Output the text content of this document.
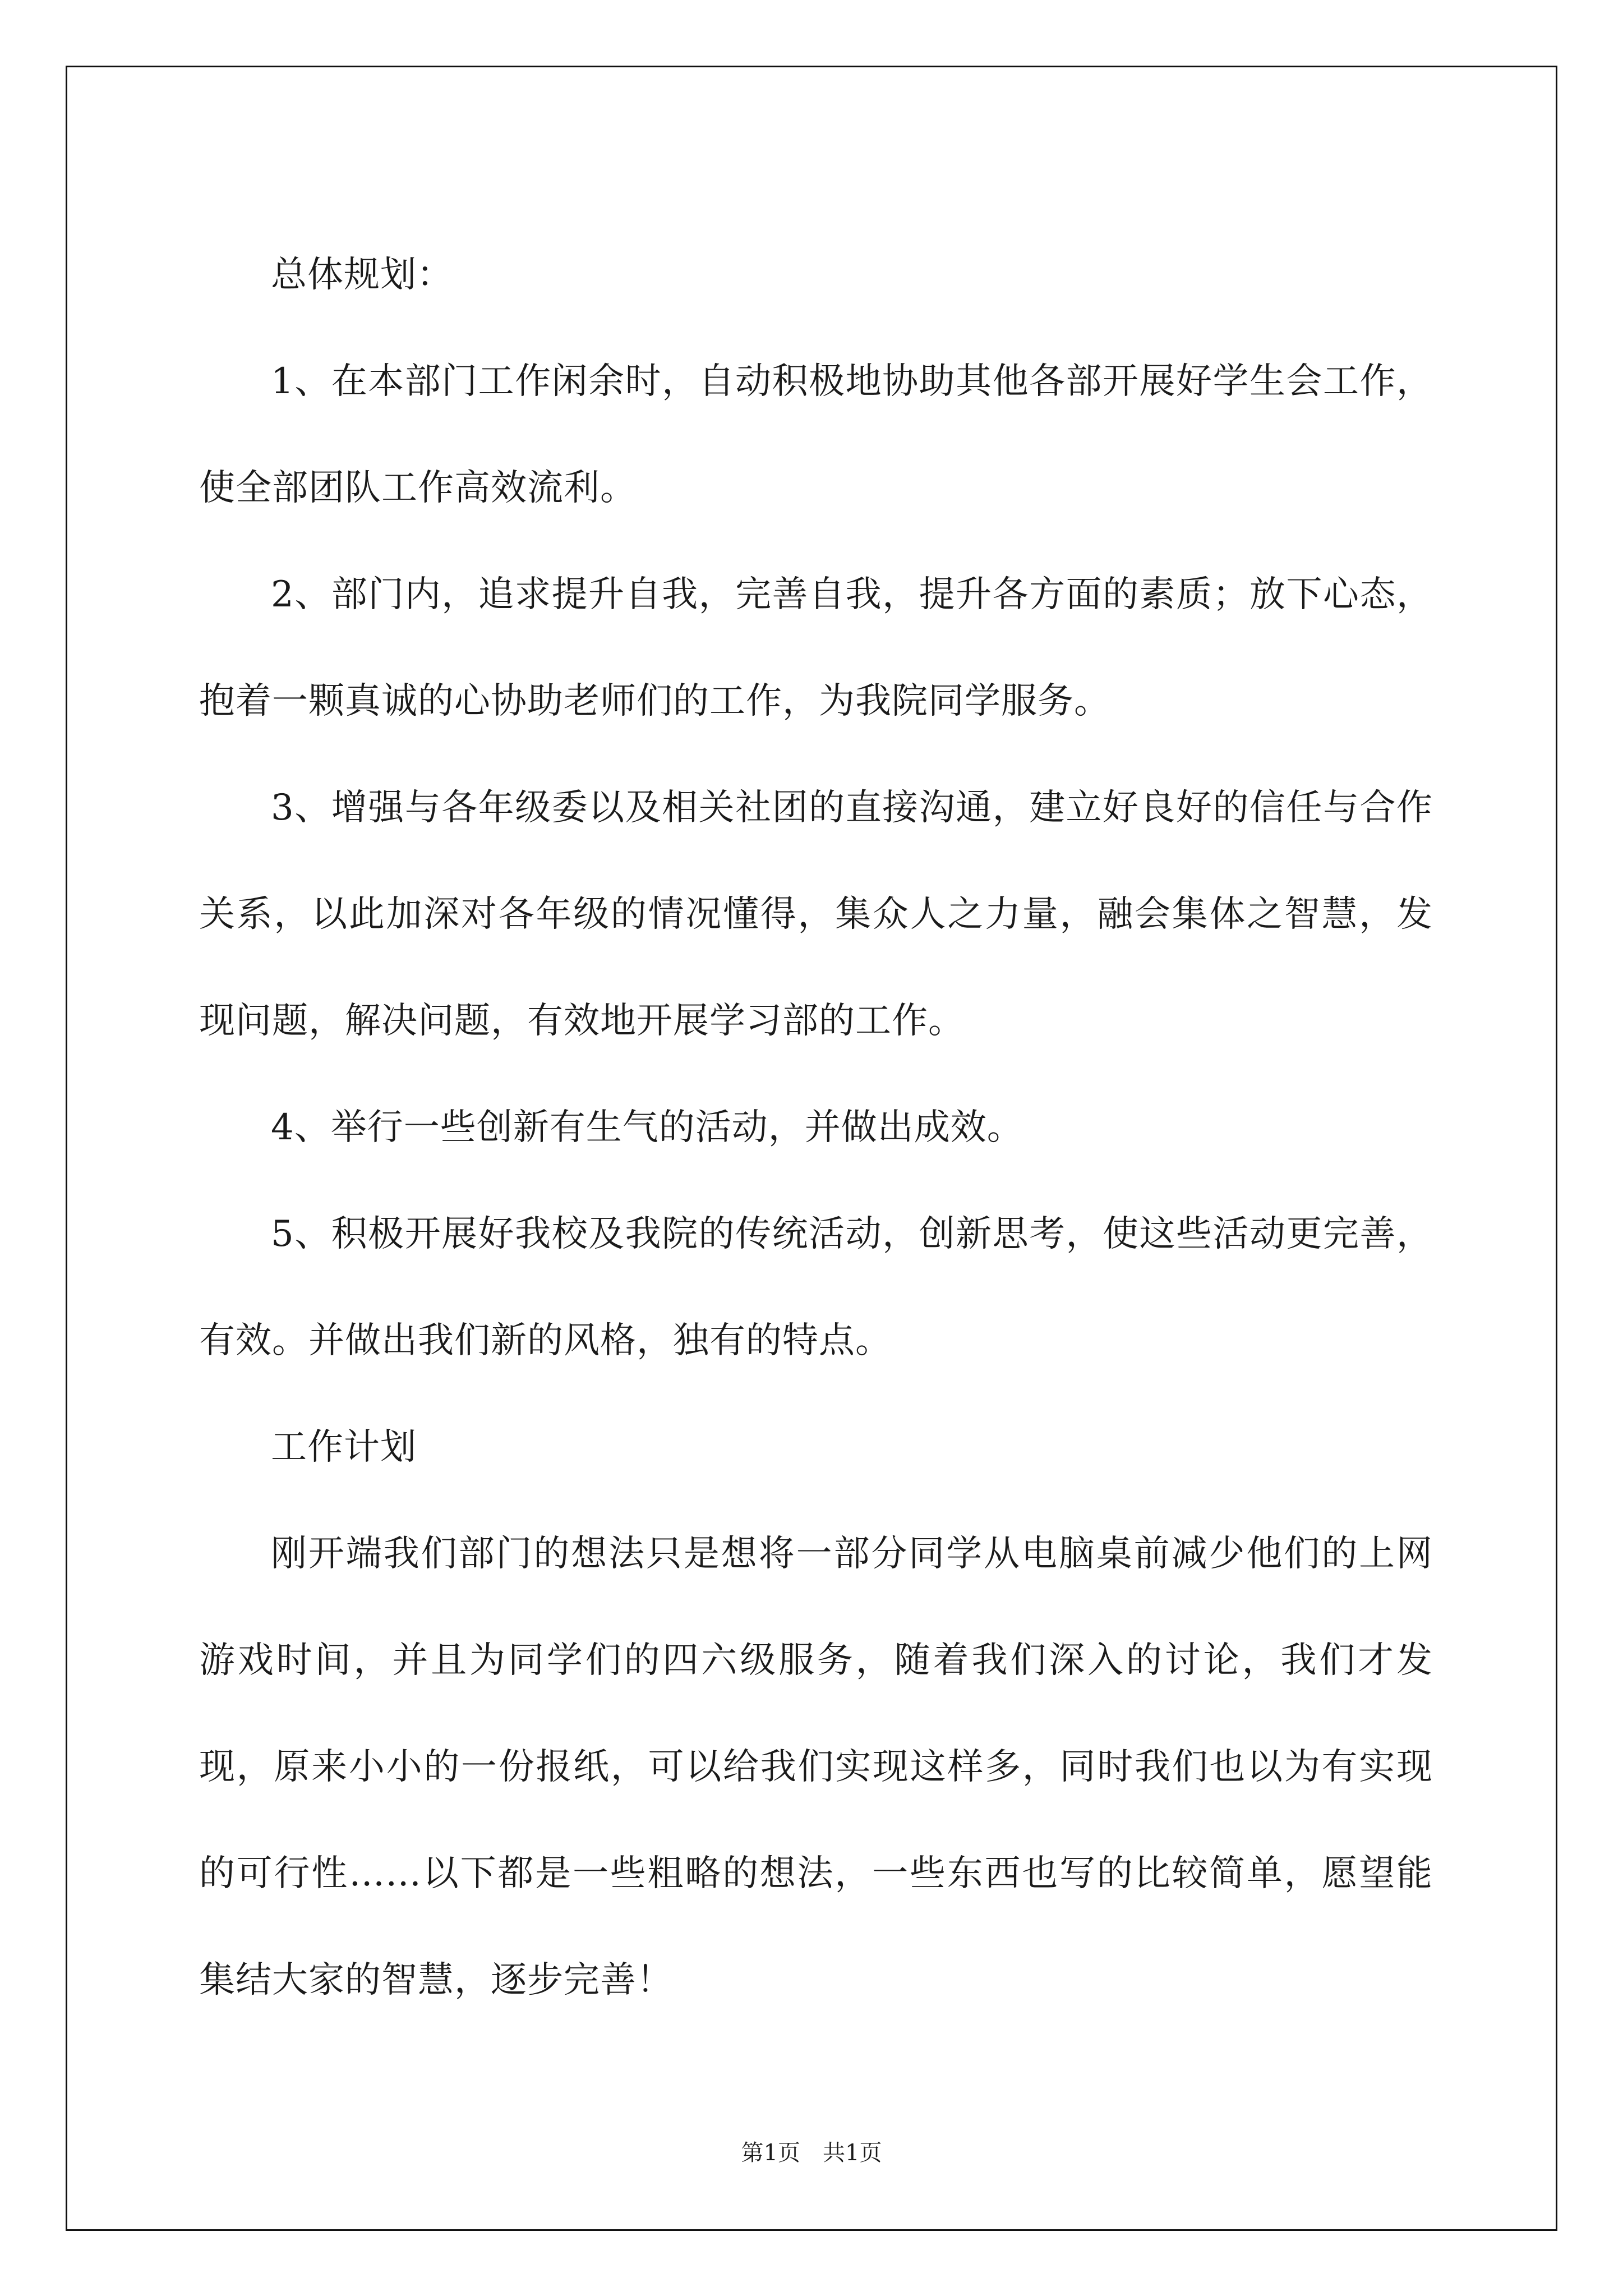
总体规划：

1、在本部门工作闲余时，自动积极地协助其他各部开展好学生会工作，使全部团队工作高效流利。

2、部门内，追求提升自我，完善自我，提升各方面的素质；放下心态，抱着一颗真诚的心协助老师们的工作，为我院同学服务。

3、增强与各年级委以及相关社团的直接沟通，建立好良好的信任与合作关系，以此加深对各年级的情况懂得，集众人之力量，融会集体之智慧，发现问题，解决问题，有效地开展学习部的工作。

4、举行一些创新有生气的活动，并做出成效。

5、积极开展好我校及我院的传统活动，创新思考，使这些活动更完善，有效。并做出我们新的风格，独有的特点。

工作计划

刚开端我们部门的想法只是想将一部分同学从电脑桌前减少他们的上网游戏时间，并且为同学们的四六级服务，随着我们深入的讨论，我们才发现，原来小小的一份报纸，可以给我们实现这样多，同时我们也以为有实现的可行性……以下都是一些粗略的想法，一些东西也写的比较简单，愿望能集结大家的智慧，逐步完善！

第1页 共1页
